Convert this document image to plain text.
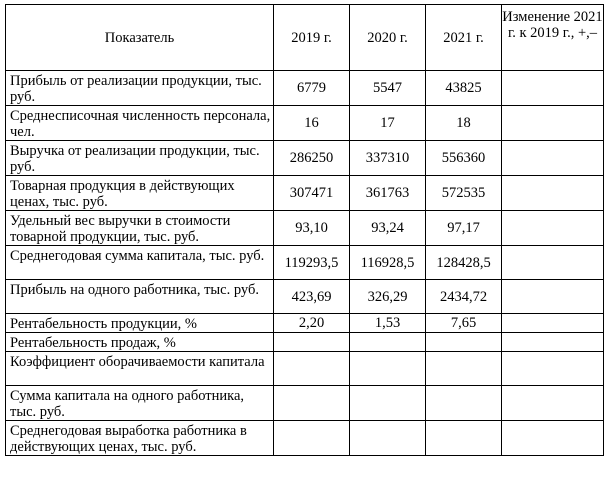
Показатель	2019 г.	2020 г.	2021 г.	Изменение 2021 г. к 2019 г., +,–
Прибыль от реализации продукции, тыс. руб.	6779	5547	43825	
Среднесписочная численность персонала, чел.	16	17	18	
Выручка от реализации продукции, тыс. руб.	286250	337310	556360	
Товарная продукция в действующих ценах, тыс. руб.	307471	361763	572535	
Удельный вес выручки в стоимости товарной продукции, тыс. руб.	93,10	93,24	97,17	
Среднегодовая сумма капитала, тыс. руб.	119293,5	116928,5	128428,5	
Прибыль на одного работника, тыс. руб.	423,69	326,29	2434,72	
Рентабельность продукции, %	2,20	1,53	7,65	
Рентабельность продаж, %				
Коэффициент оборачиваемости капитала				
Сумма капитала на одного работника, тыс. руб.				
Среднегодовая выработка работника в действующих ценах, тыс. руб.				
